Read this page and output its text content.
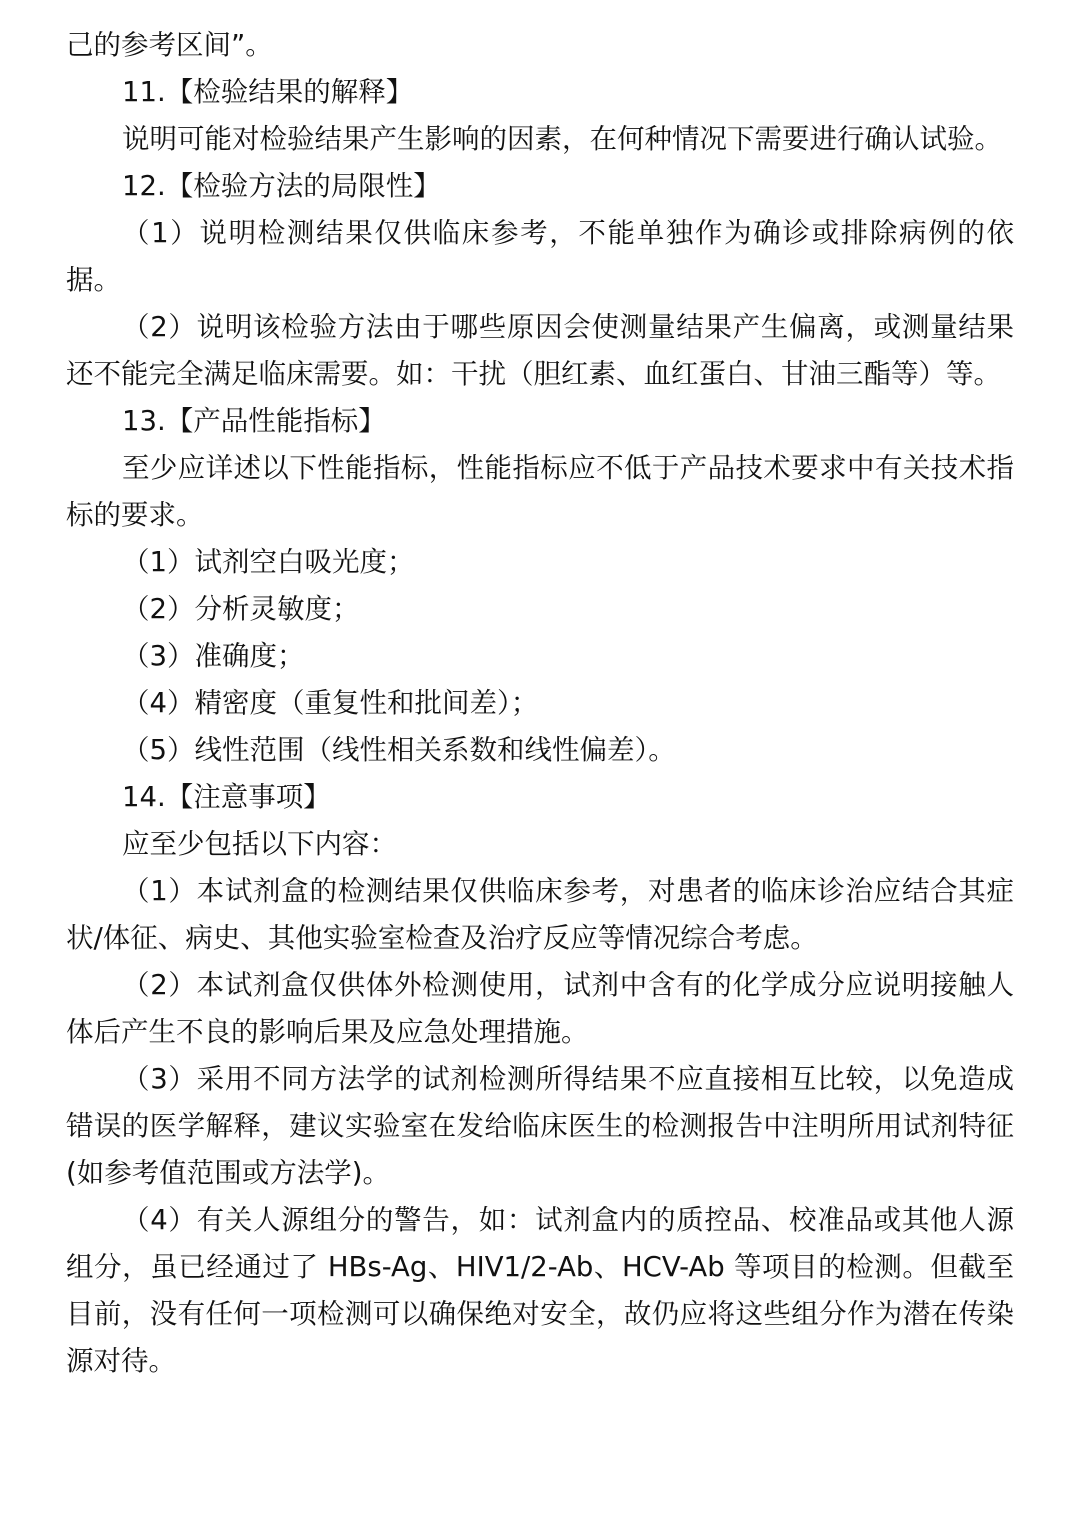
己的参考区间”。

11.【检验结果的解释】

说明可能对检验结果产生影响的因素，在何种情况下需要进行确认试验。

12.【检验方法的局限性】

（1）说明检测结果仅供临床参考，不能单独作为确诊或排除病例的依据。

（2）说明该检验方法由于哪些原因会使测量结果产生偏离，或测量结果还不能完全满足临床需要。如：干扰（胆红素、血红蛋白、甘油三酯等）等。

13.【产品性能指标】

至少应详述以下性能指标，性能指标应不低于产品技术要求中有关技术指标的要求。

（1）试剂空白吸光度；

（2）分析灵敏度；

（3）准确度；

（4）精密度（重复性和批间差）；

（5）线性范围（线性相关系数和线性偏差）。

14.【注意事项】

应至少包括以下内容：

（1）本试剂盒的检测结果仅供临床参考，对患者的临床诊治应结合其症状/体征、病史、其他实验室检查及治疗反应等情况综合考虑。

（2）本试剂盒仅供体外检测使用，试剂中含有的化学成分应说明接触人体后产生不良的影响后果及应急处理措施。

（3）采用不同方法学的试剂检测所得结果不应直接相互比较，以免造成错误的医学解释，建议实验室在发给临床医生的检测报告中注明所用试剂特征(如参考值范围或方法学)。

（4）有关人源组分的警告，如：试剂盒内的质控品、校准品或其他人源组分，虽已经通过了 HBs-Ag、HIV1/2-Ab、HCV-Ab 等项目的检测。但截至目前，没有任何一项检测可以确保绝对安全，故仍应将这些组分作为潜在传染源对待。
